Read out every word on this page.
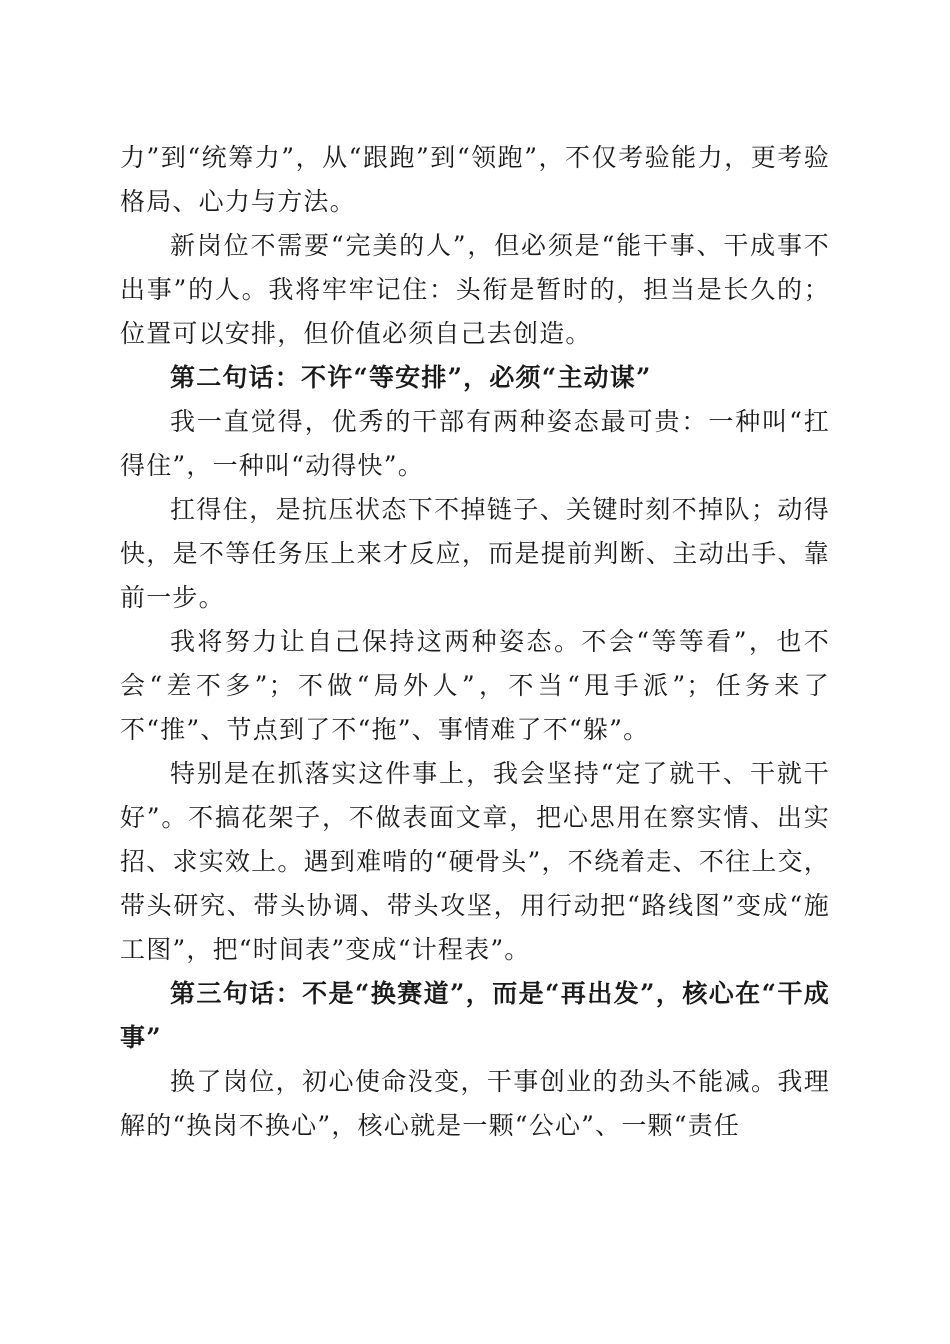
力”到“统筹力”，从“跟跑”到“领跑”，不仅考验能力，更考验格局、心力与方法。

新岗位不需要“完美的人”，但必须是“能干事、干成事不出事”的人。我将牢牢记住：头衔是暂时的，担当是长久的；位置可以安排，但价值必须自己去创造。

第二句话：不许“等安排”，必须“主动谋”

我一直觉得，优秀的干部有两种姿态最可贵：一种叫“扛得住”，一种叫“动得快”。

扛得住，是抗压状态下不掉链子、关键时刻不掉队；动得快，是不等任务压上来才反应，而是提前判断、主动出手、靠前一步。

我将努力让自己保持这两种姿态。不会“等等看”，也不会“差不多”；不做“局外人”，不当“甩手派”；任务来了不“推”、节点到了不“拖”、事情难了不“躲”。

特别是在抓落实这件事上，我会坚持“定了就干、干就干好”。不搞花架子，不做表面文章，把心思用在察实情、出实招、求实效上。遇到难啃的“硬骨头”，不绕着走、不往上交，带头研究、带头协调、带头攻坚，用行动把“路线图”变成“施工图”，把“时间表”变成“计程表”。

第三句话：不是“换赛道”，而是“再出发”，核心在“干成事”

换了岗位，初心使命没变，干事创业的劲头不能减。我理解的“换岗不换心”，核心就是一颗“公心”、一颗“责任
